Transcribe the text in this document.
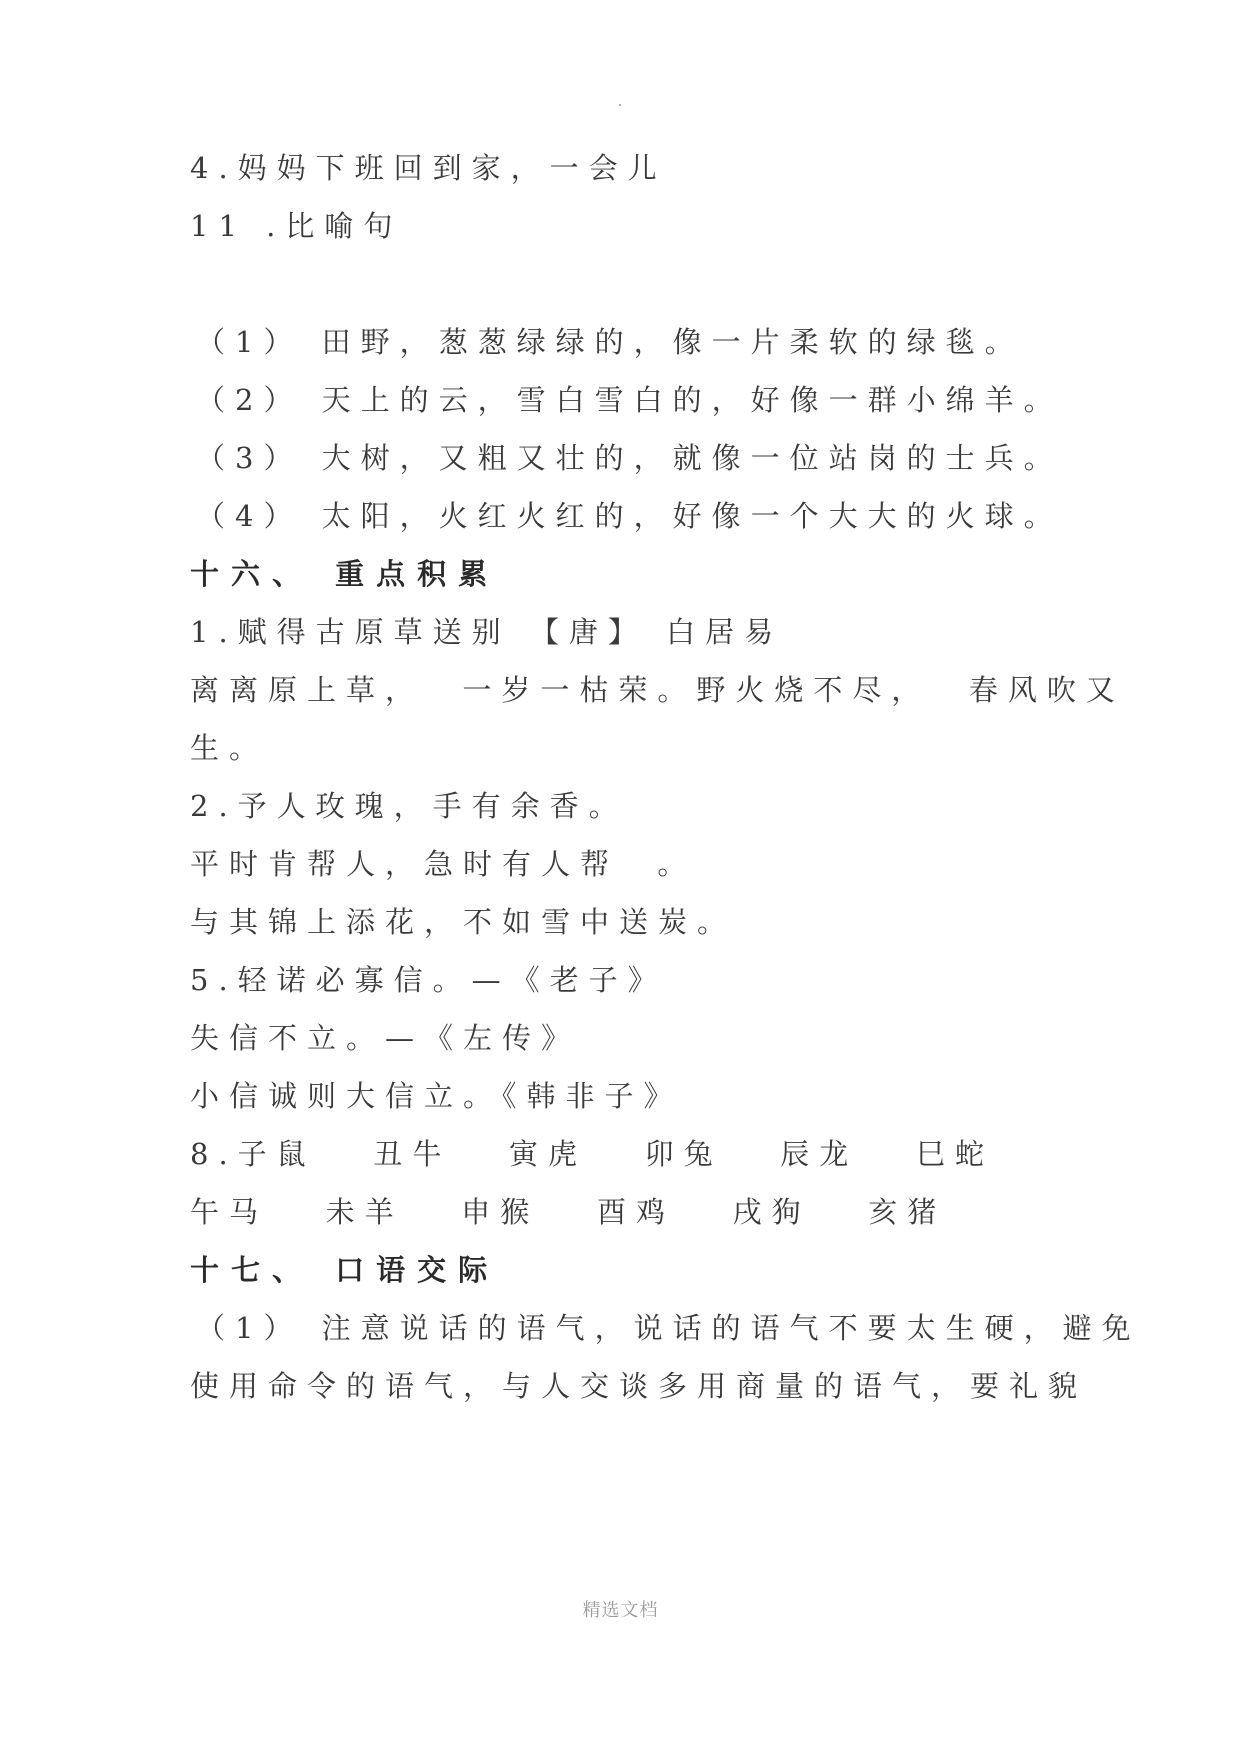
4.妈妈下班回到家，一会儿
11 .比喻句
（1） 田野，葱葱绿绿的，像一片柔软的绿毯。
（2） 天上的云，雪白雪白的，好像一群小绵羊。
（3） 大树，又粗又壮的，就像一位站岗的士兵。
（4） 太阳，火红火红的，好像一个大大的火球。
十六、 重点积累
1.赋得古原草送别 【唐】 白居易
离离原上草，  一岁一枯荣。野火烧不尽，  春风吹又
生。
2.予人玫瑰，手有余香。
平时肯帮人，急时有人帮  。
与其锦上添花，不如雪中送炭。
5.轻诺必寡信。—《老子》
失信不立。—《左传》
小信诚则大信立。《韩非子》
8.子鼠   丑牛   寅虎   卯兔   辰龙   巳蛇
午马   未羊   申猴   酉鸡   戌狗   亥猪
十七、 口语交际
（1） 注意说话的语气，说话的语气不要太生硬，避免
使用命令的语气，与人交谈多用商量的语气，要礼貌
精选文档
